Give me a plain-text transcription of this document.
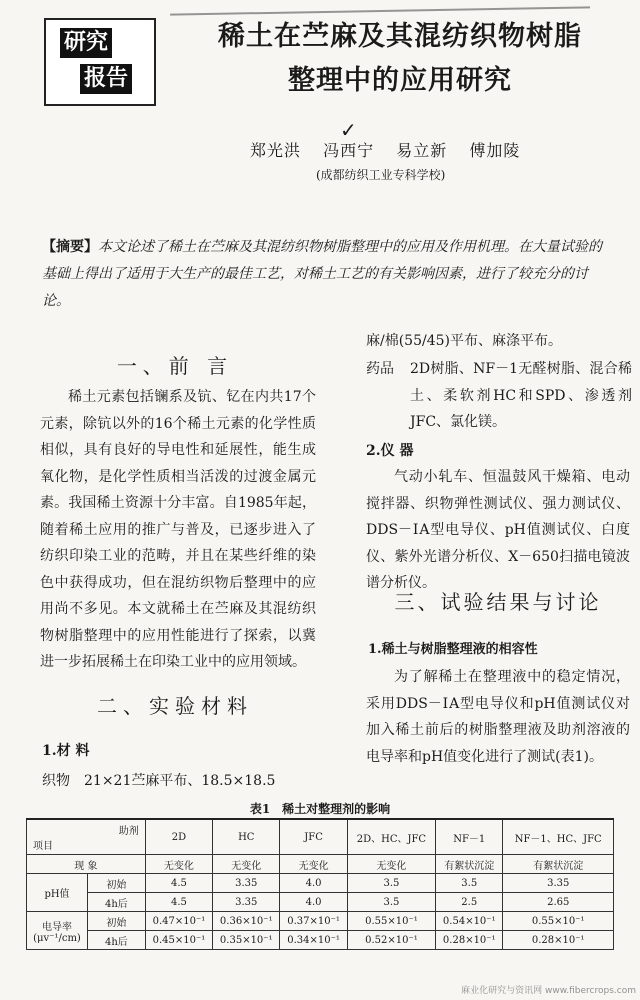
研究
报告
稀土在苎麻及其混纺织物树脂
整理中的应用研究
✓
郑光洪 冯西宁 易立新 傅加陵
(成都纺织工业专科学校)
【摘要】本文论述了稀土在苎麻及其混纺织物树脂整理中的应用及作用机理。在大量试验的基础上得出了适用于大生产的最佳工艺，对稀土工艺的有关影响因素，进行了较充分的讨论。
一、前 言
稀土元素包括镧系及钪、钇在内共17个元素，除钪以外的16个稀土元素的化学性质相似，具有良好的导电性和延展性，能生成氧化物，是化学性质相当活泼的过渡金属元素。我国稀土资源十分丰富。自1985年起，随着稀土应用的推广与普及，已逐步进入了纺织印染工业的范畴，并且在某些纤维的染色中获得成功，但在混纺织物后整理中的应用尚不多见。本文就稀土在苎麻及其混纺织物树脂整理中的应用性能进行了探索，以冀进一步拓展稀土在印染工业中的应用领域。
二、实验材料
1.材 料
织物　21×21苎麻平布、18.5×18.5
麻/棉(55/45)平布、麻涤平布。
药品	2D树脂、NF－1无醛树脂、混合稀土、柔软剂HC和SPD、渗透剂JFC、氯化镁。
2.仪 器
气动小轧车、恒温鼓风干燥箱、电动搅拌器、织物弹性测试仪、强力测试仪、DDS－ⅠA型电导仪、pH值测试仪、白度仪、紫外光谱分析仪、X－650扫描电镜波谱分析仪。
三、试验结果与讨论
1.稀土与树脂整理液的相容性
为了解稀土在整理液中的稳定情况，采用DDS－ⅠA型电导仪和pH值测试仪对加入稀土前后的树脂整理液及助剂溶液的电导率和pH值变化进行了测试(表1)。
表1　稀土对整理剂的影响
助剂
项目		2D	HC	JFC	2D、HC、JFC	NF－1	NF－1、HC、JFC
现 象		无变化	无变化	无变化	无变化	有絮状沉淀	有絮状沉淀
pH值	初始	4.5	3.35	4.0	3.5	3.5	3.35
	4h后	4.5	3.35	4.0	3.5	2.5	2.65
电导率(μv⁻¹/cm)	初始	0.47×10⁻¹	0.36×10⁻¹	0.37×10⁻¹	0.55×10⁻¹	0.54×10⁻¹	0.55×10⁻¹
	4h后	0.45×10⁻¹	0.35×10⁻¹	0.34×10⁻¹	0.52×10⁻¹	0.28×10⁻¹	0.28×10⁻¹
麻业化研究与资讯网 www.fibercrops.com
